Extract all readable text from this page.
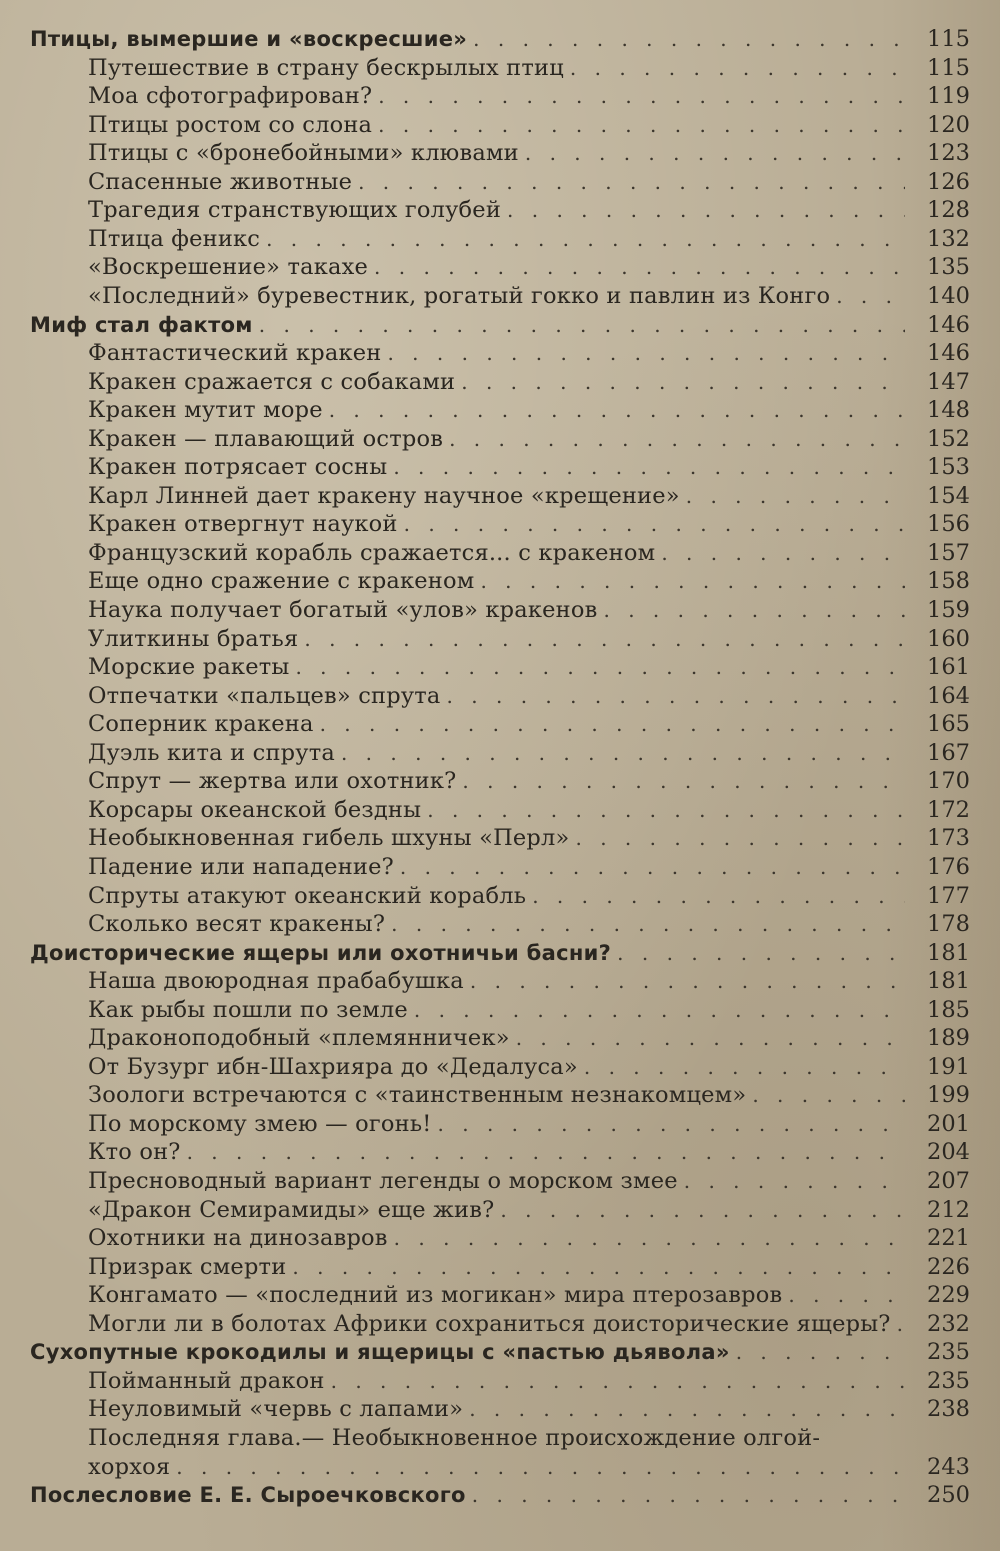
Птицы, вымершие и «воскресшие» . . .	115
Путешествие в страну бескрылых птиц . . .	115
Моа сфотографирован? . . .	119
Птицы ростом со слона . . .	120
Птицы с «бронебойными» клювами . . .	123
Спасенные животные . . .	126
Трагедия странствующих голубей . . .	128
Птица феникс . . .	132
«Воскрешение» такахе . . .	135
«Последний» буревестник, рогатый гокко и павлин из Конго . . .	140
Миф стал фактом . . .	146
Фантастический кракен . . .	146
Кракен сражается с собаками . . .	147
Кракен мутит море . . .	148
Кракен — плавающий остров . . .	152
Кракен потрясает сосны . . .	153
Карл Линней дает кракену научное «крещение» . . .	154
Кракен отвергнут наукой . . .	156
Французский корабль сражается... с кракеном . . .	157
Еще одно сражение с кракеном . . .	158
Наука получает богатый «улов» кракенов . . .	159
Улиткины братья . . .	160
Морские ракеты . . .	161
Отпечатки «пальцев» спрута . . .	164
Соперник кракена . . .	165
Дуэль кита и спрута . . .	167
Спрут — жертва или охотник? . . .	170
Корсары океанской бездны . . .	172
Необыкновенная гибель шхуны «Перл» . . .	173
Падение или нападение? . . .	176
Спруты атакуют океанский корабль . . .	177
Сколько весят кракены? . . .	178
Доисторические ящеры или охотничьи басни? . . .	181
Наша двоюродная прабабушка . . .	181
Как рыбы пошли по земле . . .	185
Драконоподобный «племянничек» . . .	189
От Бузург ибн-Шахрияра до «Дедалуса» . . .	191
Зоологи встречаются с «таинственным незнакомцем» . . .	199
По морскому змею — огонь! . . .	201
Кто он? . . .	204
Пресноводный вариант легенды о морском змее . . .	207
«Дракон Семирамиды» еще жив? . . .	212
Охотники на динозавров . . .	221
Призрак смерти . . .	226
Конгамато — «последний из могикан» мира птерозавров . . .	229
Могли ли в болотах Африки сохраниться доисторические ящеры? . . .	232
Сухопутные крокодилы и ящерицы с «пастью дьявола» . . .	235
Пойманный дракон . . .	235
Неуловимый «червь с лапами» . . .	238
Последняя глава.— Необыкновенное происхождение олгой-
хорхоя . . .	243
Послесловие Е. Е. Сыроечковского . . .	250
